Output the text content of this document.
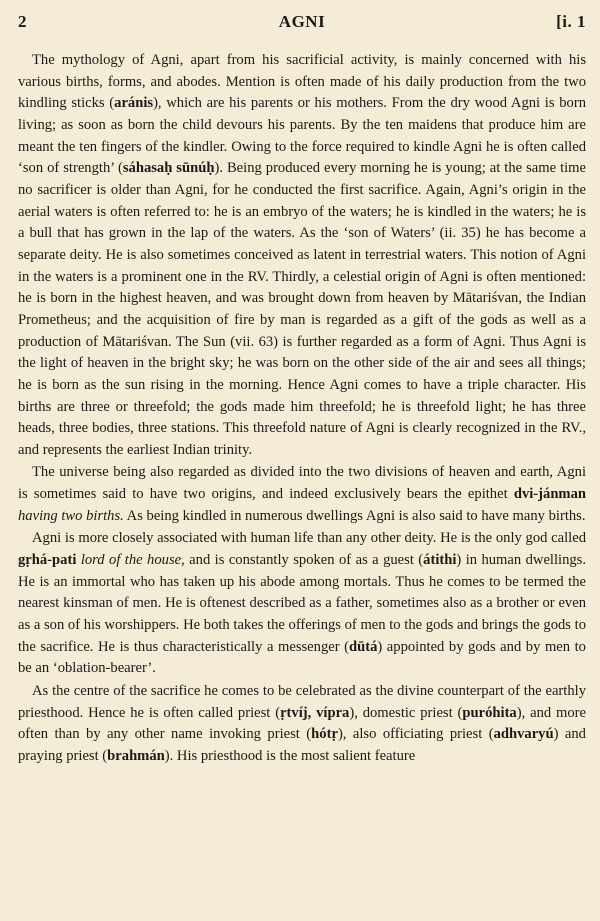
2	AGNI	[i. 1

The mythology of Agni, apart from his sacrificial activity, is mainly concerned with his various births, forms, and abodes. Mention is often made of his daily production from the two kindling sticks (aránis), which are his parents or his mothers. From the dry wood Agni is born living; as soon as born the child devours his parents. By the ten maidens that produce him are meant the ten fingers of the kindler. Owing to the force required to kindle Agni he is often called ‘son of strength’ (sáhasaḥ sūnúḥ). Being produced every morning he is young; at the same time no sacrificer is older than Agni, for he conducted the first sacrifice. Again, Agni’s origin in the aerial waters is often referred to: he is an embryo of the waters; he is kindled in the waters; he is a bull that has grown in the lap of the waters. As the ‘son of Waters’ (ii. 35) he has become a separate deity. He is also sometimes conceived as latent in terrestrial waters. This notion of Agni in the waters is a prominent one in the RV. Thirdly, a celestial origin of Agni is often mentioned: he is born in the highest heaven, and was brought down from heaven by Mātariśvan, the Indian Prometheus; and the acquisition of fire by man is regarded as a gift of the gods as well as a production of Mātariśvan. The Sun (vii. 63) is further regarded as a form of Agni. Thus Agni is the light of heaven in the bright sky; he was born on the other side of the air and sees all things; he is born as the sun rising in the morning. Hence Agni comes to have a triple character. His births are three or threefold; the gods made him threefold; he is threefold light; he has three heads, three bodies, three stations. This threefold nature of Agni is clearly recognized in the RV., and represents the earliest Indian trinity.

The universe being also regarded as divided into the two divisions of heaven and earth, Agni is sometimes said to have two origins, and indeed exclusively bears the epithet dvi-jánman having two births. As being kindled in numerous dwellings Agni is also said to have many births.

Agni is more closely associated with human life than any other deity. He is the only god called gṛhá-pati lord of the house, and is constantly spoken of as a guest (átithi) in human dwellings. He is an immortal who has taken up his abode among mortals. Thus he comes to be termed the nearest kinsman of men. He is oftenest described as a father, sometimes also as a brother or even as a son of his worshippers. He both takes the offerings of men to the gods and brings the gods to the sacrifice. He is thus characteristically a messenger (dūtá) appointed by gods and by men to be an ‘oblation-bearer’.

As the centre of the sacrifice he comes to be celebrated as the divine counterpart of the earthly priesthood. Hence he is often called priest (ṛtvíj, vípra), domestic priest (puróhita), and more often than by any other name invoking priest (hótṛ), also officiating priest (adhvaryú) and praying priest (brahmán). His priesthood is the most salient feature
